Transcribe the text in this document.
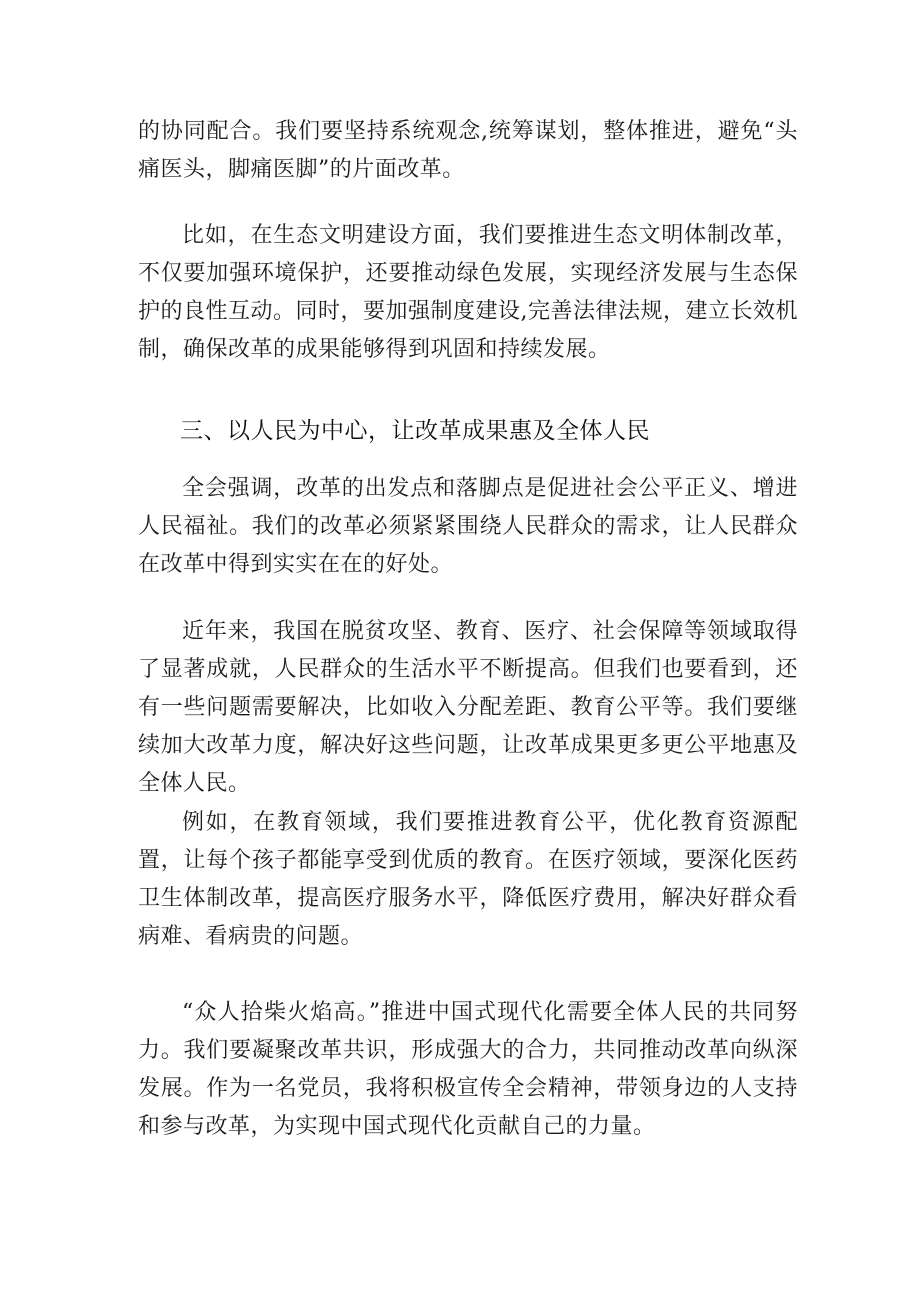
的协同配合。我们要坚持系统观念,统筹谋划，整体推进，避免“头痛医头，脚痛医脚”的片面改革。

比如，在生态文明建设方面，我们要推进生态文明体制改革，不仅要加强环境保护，还要推动绿色发展，实现经济发展与生态保护的良性互动。同时，要加强制度建设,完善法律法规，建立长效机制，确保改革的成果能够得到巩固和持续发展。

三、以人民为中心，让改革成果惠及全体人民

全会强调，改革的出发点和落脚点是促进社会公平正义、增进人民福祉。我们的改革必须紧紧围绕人民群众的需求，让人民群众在改革中得到实实在在的好处。

近年来，我国在脱贫攻坚、教育、医疗、社会保障等领域取得了显著成就，人民群众的生活水平不断提高。但我们也要看到，还有一些问题需要解决，比如收入分配差距、教育公平等。我们要继续加大改革力度，解决好这些问题，让改革成果更多更公平地惠及全体人民。

例如，在教育领域，我们要推进教育公平，优化教育资源配置，让每个孩子都能享受到优质的教育。在医疗领域，要深化医药卫生体制改革，提高医疗服务水平，降低医疗费用，解决好群众看病难、看病贵的问题。

“众人拾柴火焰高。”推进中国式现代化需要全体人民的共同努力。我们要凝聚改革共识，形成强大的合力，共同推动改革向纵深发展。作为一名党员，我将积极宣传全会精神，带领身边的人支持和参与改革，为实现中国式现代化贡献自己的力量。
